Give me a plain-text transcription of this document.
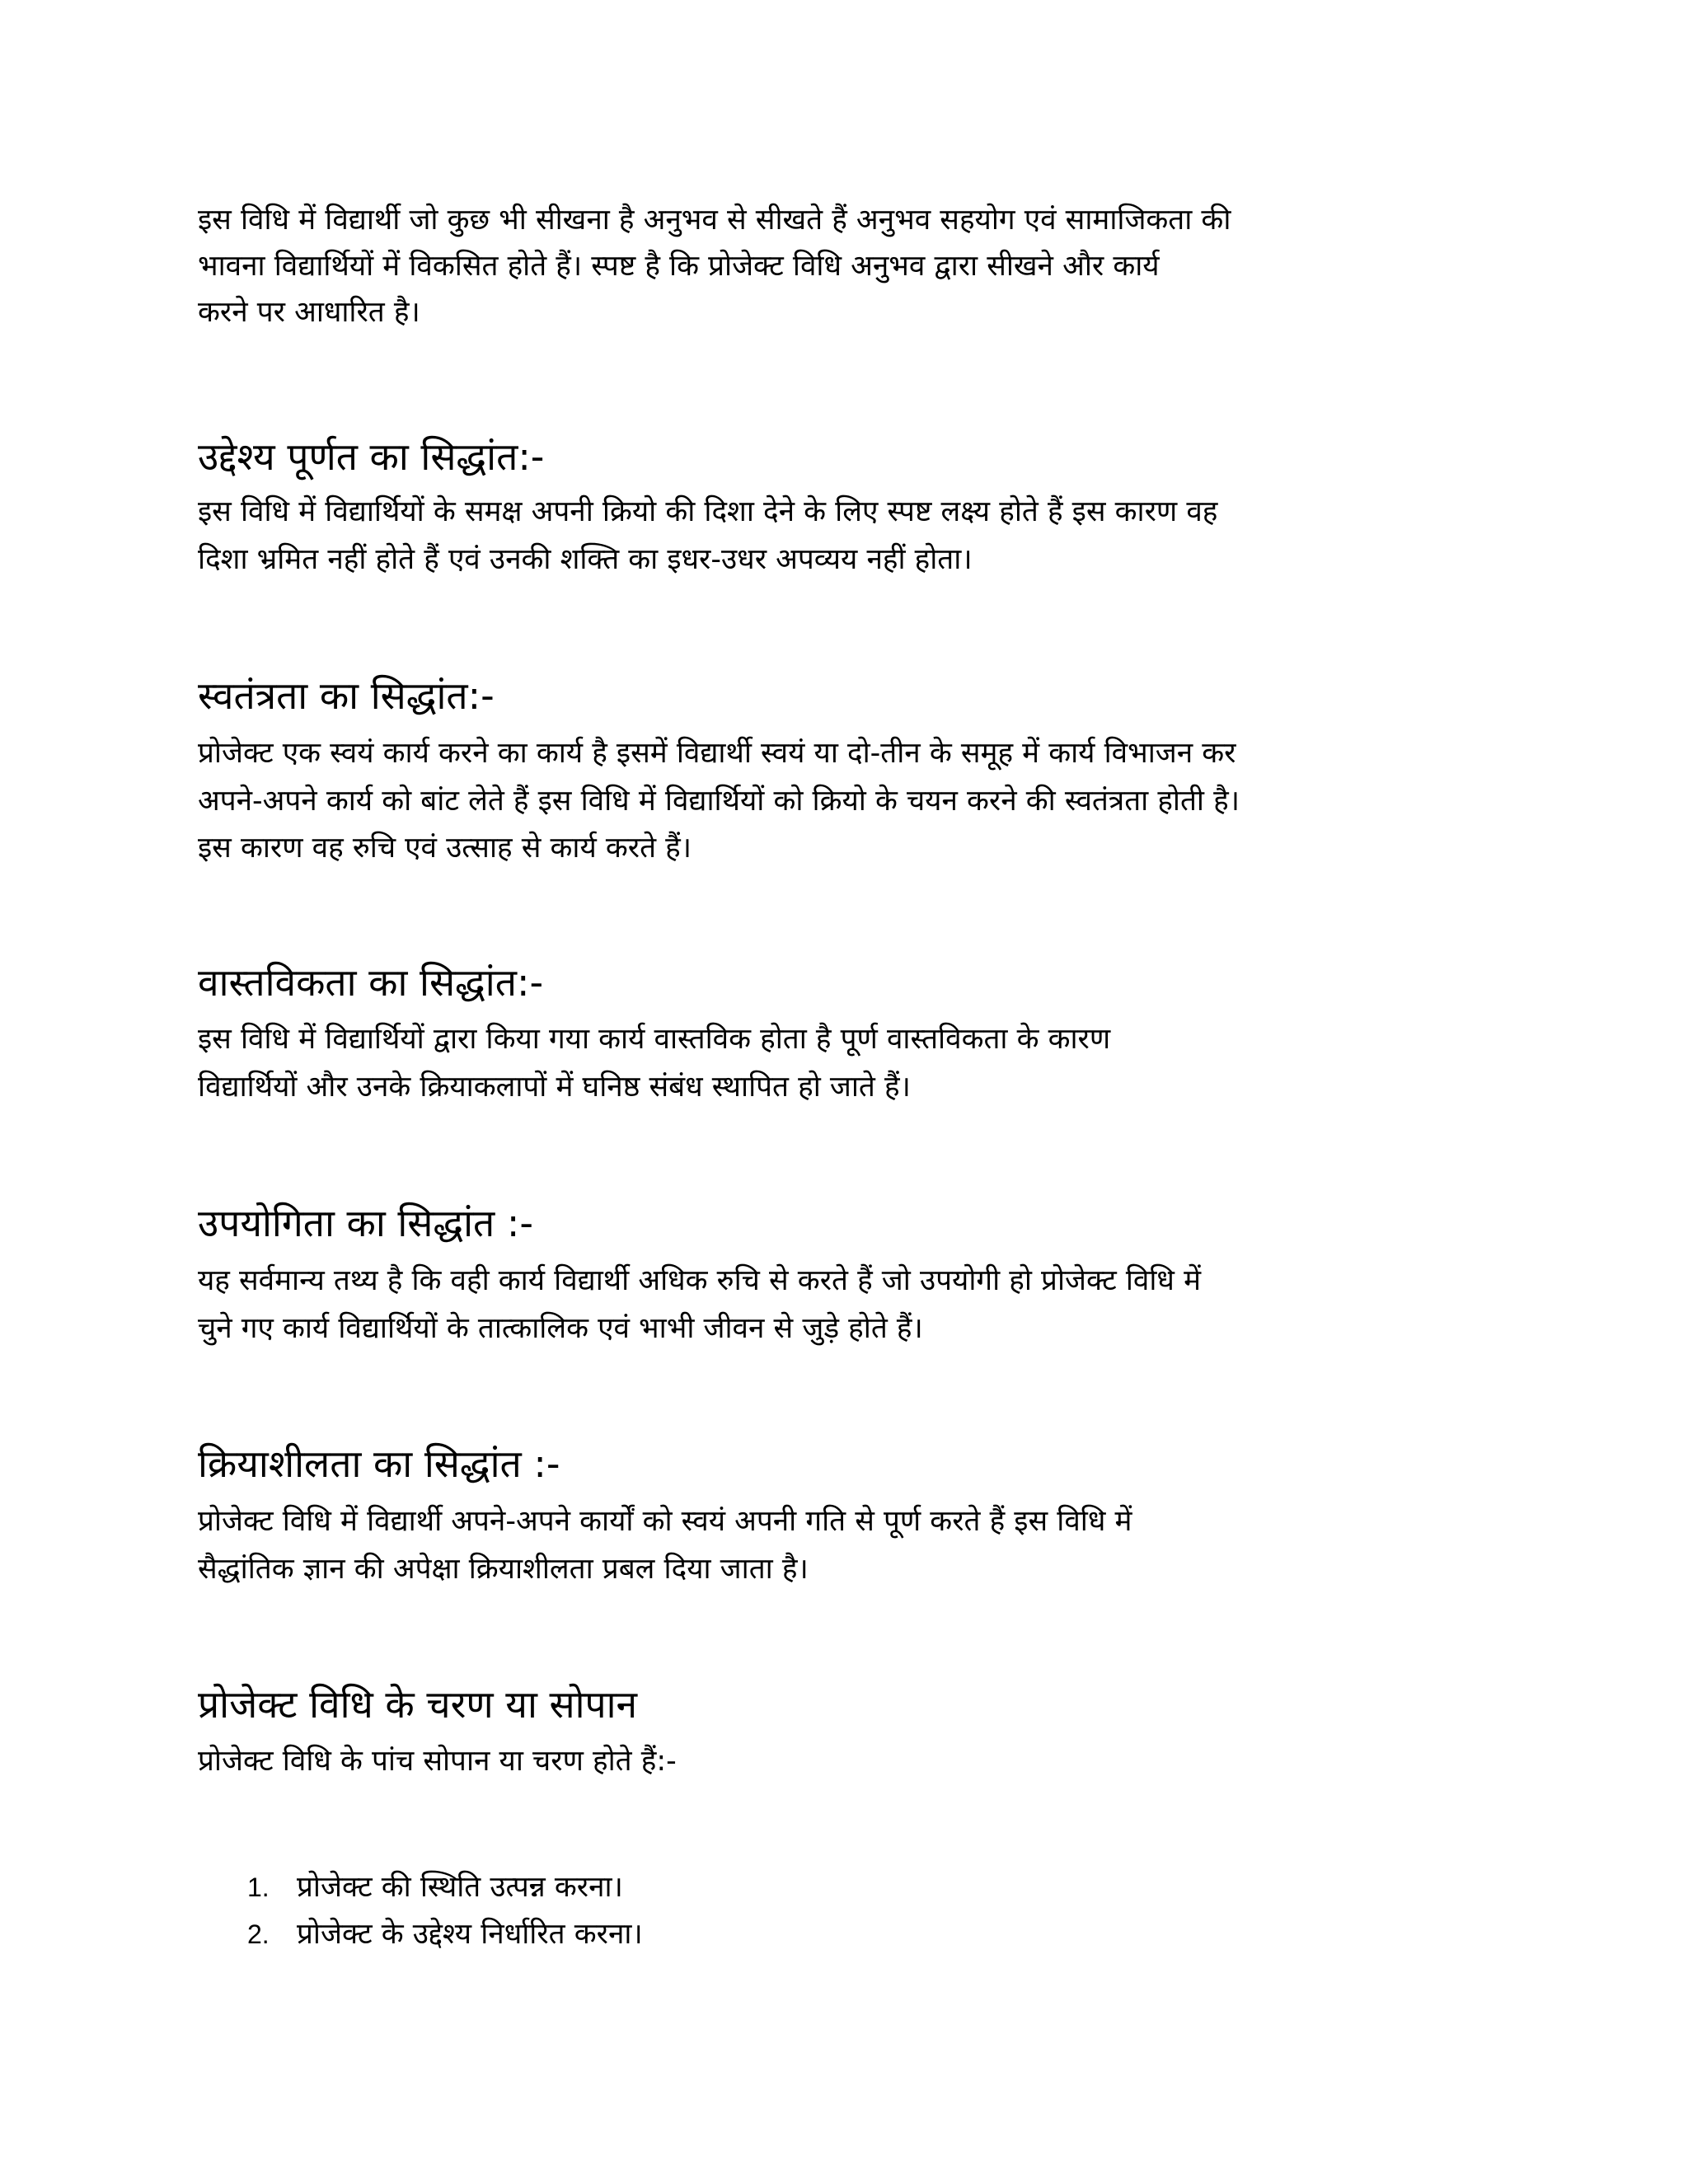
इस विधि में विद्यार्थी जो कुछ भी सीखना है अनुभव से सीखते हैं अनुभव सहयोग एवं सामाजिकता की
भावना विद्यार्थियों में विकसित होते हैं। स्पष्ट है कि प्रोजेक्ट विधि अनुभव द्वारा सीखने और कार्य
करने पर आधारित है।
उद्देश्य पूर्णत का सिद्धांत:-
इस विधि में विद्यार्थियों के समक्ष अपनी क्रियो की दिशा देने के लिए स्पष्ट लक्ष्य होते हैं इस कारण वह
दिशा भ्रमित नहीं होते हैं एवं उनकी शक्ति का इधर-उधर अपव्यय नहीं होता।
स्वतंत्रता का सिद्धांत:-
प्रोजेक्ट एक स्वयं कार्य करने का कार्य है इसमें विद्यार्थी स्वयं या दो-तीन के समूह में कार्य विभाजन कर
अपने-अपने कार्य को बांट लेते हैं इस विधि में विद्यार्थियों को क्रियो के चयन करने की स्वतंत्रता होती है।
इस कारण वह रुचि एवं उत्साह से कार्य करते हैं।
वास्तविकता का सिद्धांत:-
इस विधि में विद्यार्थियों द्वारा किया गया कार्य वास्तविक होता है पूर्ण वास्तविकता के कारण
विद्यार्थियों और उनके क्रियाकलापों में घनिष्ठ संबंध स्थापित हो जाते हैं।
उपयोगिता का सिद्धांत :-
यह सर्वमान्य तथ्य है कि वही कार्य विद्यार्थी अधिक रुचि से करते हैं जो उपयोगी हो प्रोजेक्ट विधि में
चुने गए कार्य विद्यार्थियों के तात्कालिक एवं भाभी जीवन से जुड़े होते हैं।
क्रियाशीलता का सिद्धांत :-
प्रोजेक्ट विधि में विद्यार्थी अपने-अपने कार्यों को स्वयं अपनी गति से पूर्ण करते हैं इस विधि में
सैद्धांतिक ज्ञान की अपेक्षा क्रियाशीलता प्रबल दिया जाता है।
प्रोजेक्ट विधि के चरण या सोपान
प्रोजेक्ट विधि के पांच सोपान या चरण होते हैं:-
1. प्रोजेक्ट की स्थिति उत्पन्न करना।
2. प्रोजेक्ट के उद्देश्य निर्धारित करना।
